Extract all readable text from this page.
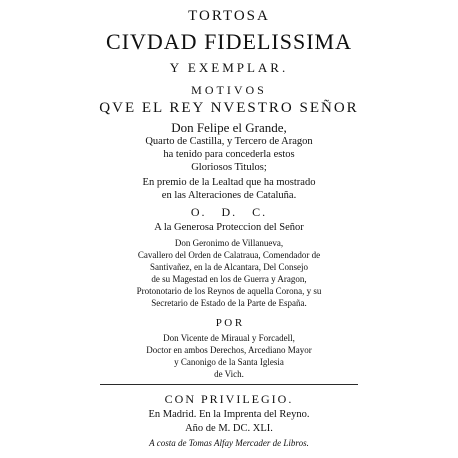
TORTOSA
CIVDAD FIDELISSIMA
Y EXEMPLAR.
MOTIVOS
QVE EL REY NVESTRO SEÑOR
Don Felipe el Grande,
Quarto de Castilla, y Tercero de Aragon
ha tenido para concederla estos
Gloriosos Titulos;
En premio de la Lealtad que ha mostrado
en las Alteraciones de Cataluña.
O.   D.   C.
A la Generosa Proteccion del Señor
Don Geronimo de Villanueva,
Cavallero del Orden de Calatraua, Comendador de
Santivañez, en la de Alcantara, Del Consejo
de su Magestad en los de Guerra y Aragon,
Protonotario de los Reynos de aquella Corona, y su
Secretario de Estado de la Parte de España.
P O R
Don Vicente de Miraual y Forcadell,
Doctor en ambos Derechos, Arcediano Mayor
y Canonigo de la Santa Iglesia
de Vich.
CON PRIVILEGIO.
En Madrid. En la Imprenta del Reyno.
Año de M. DC. XLI.
A costa de Tomas Alfay Mercader de Libros.
